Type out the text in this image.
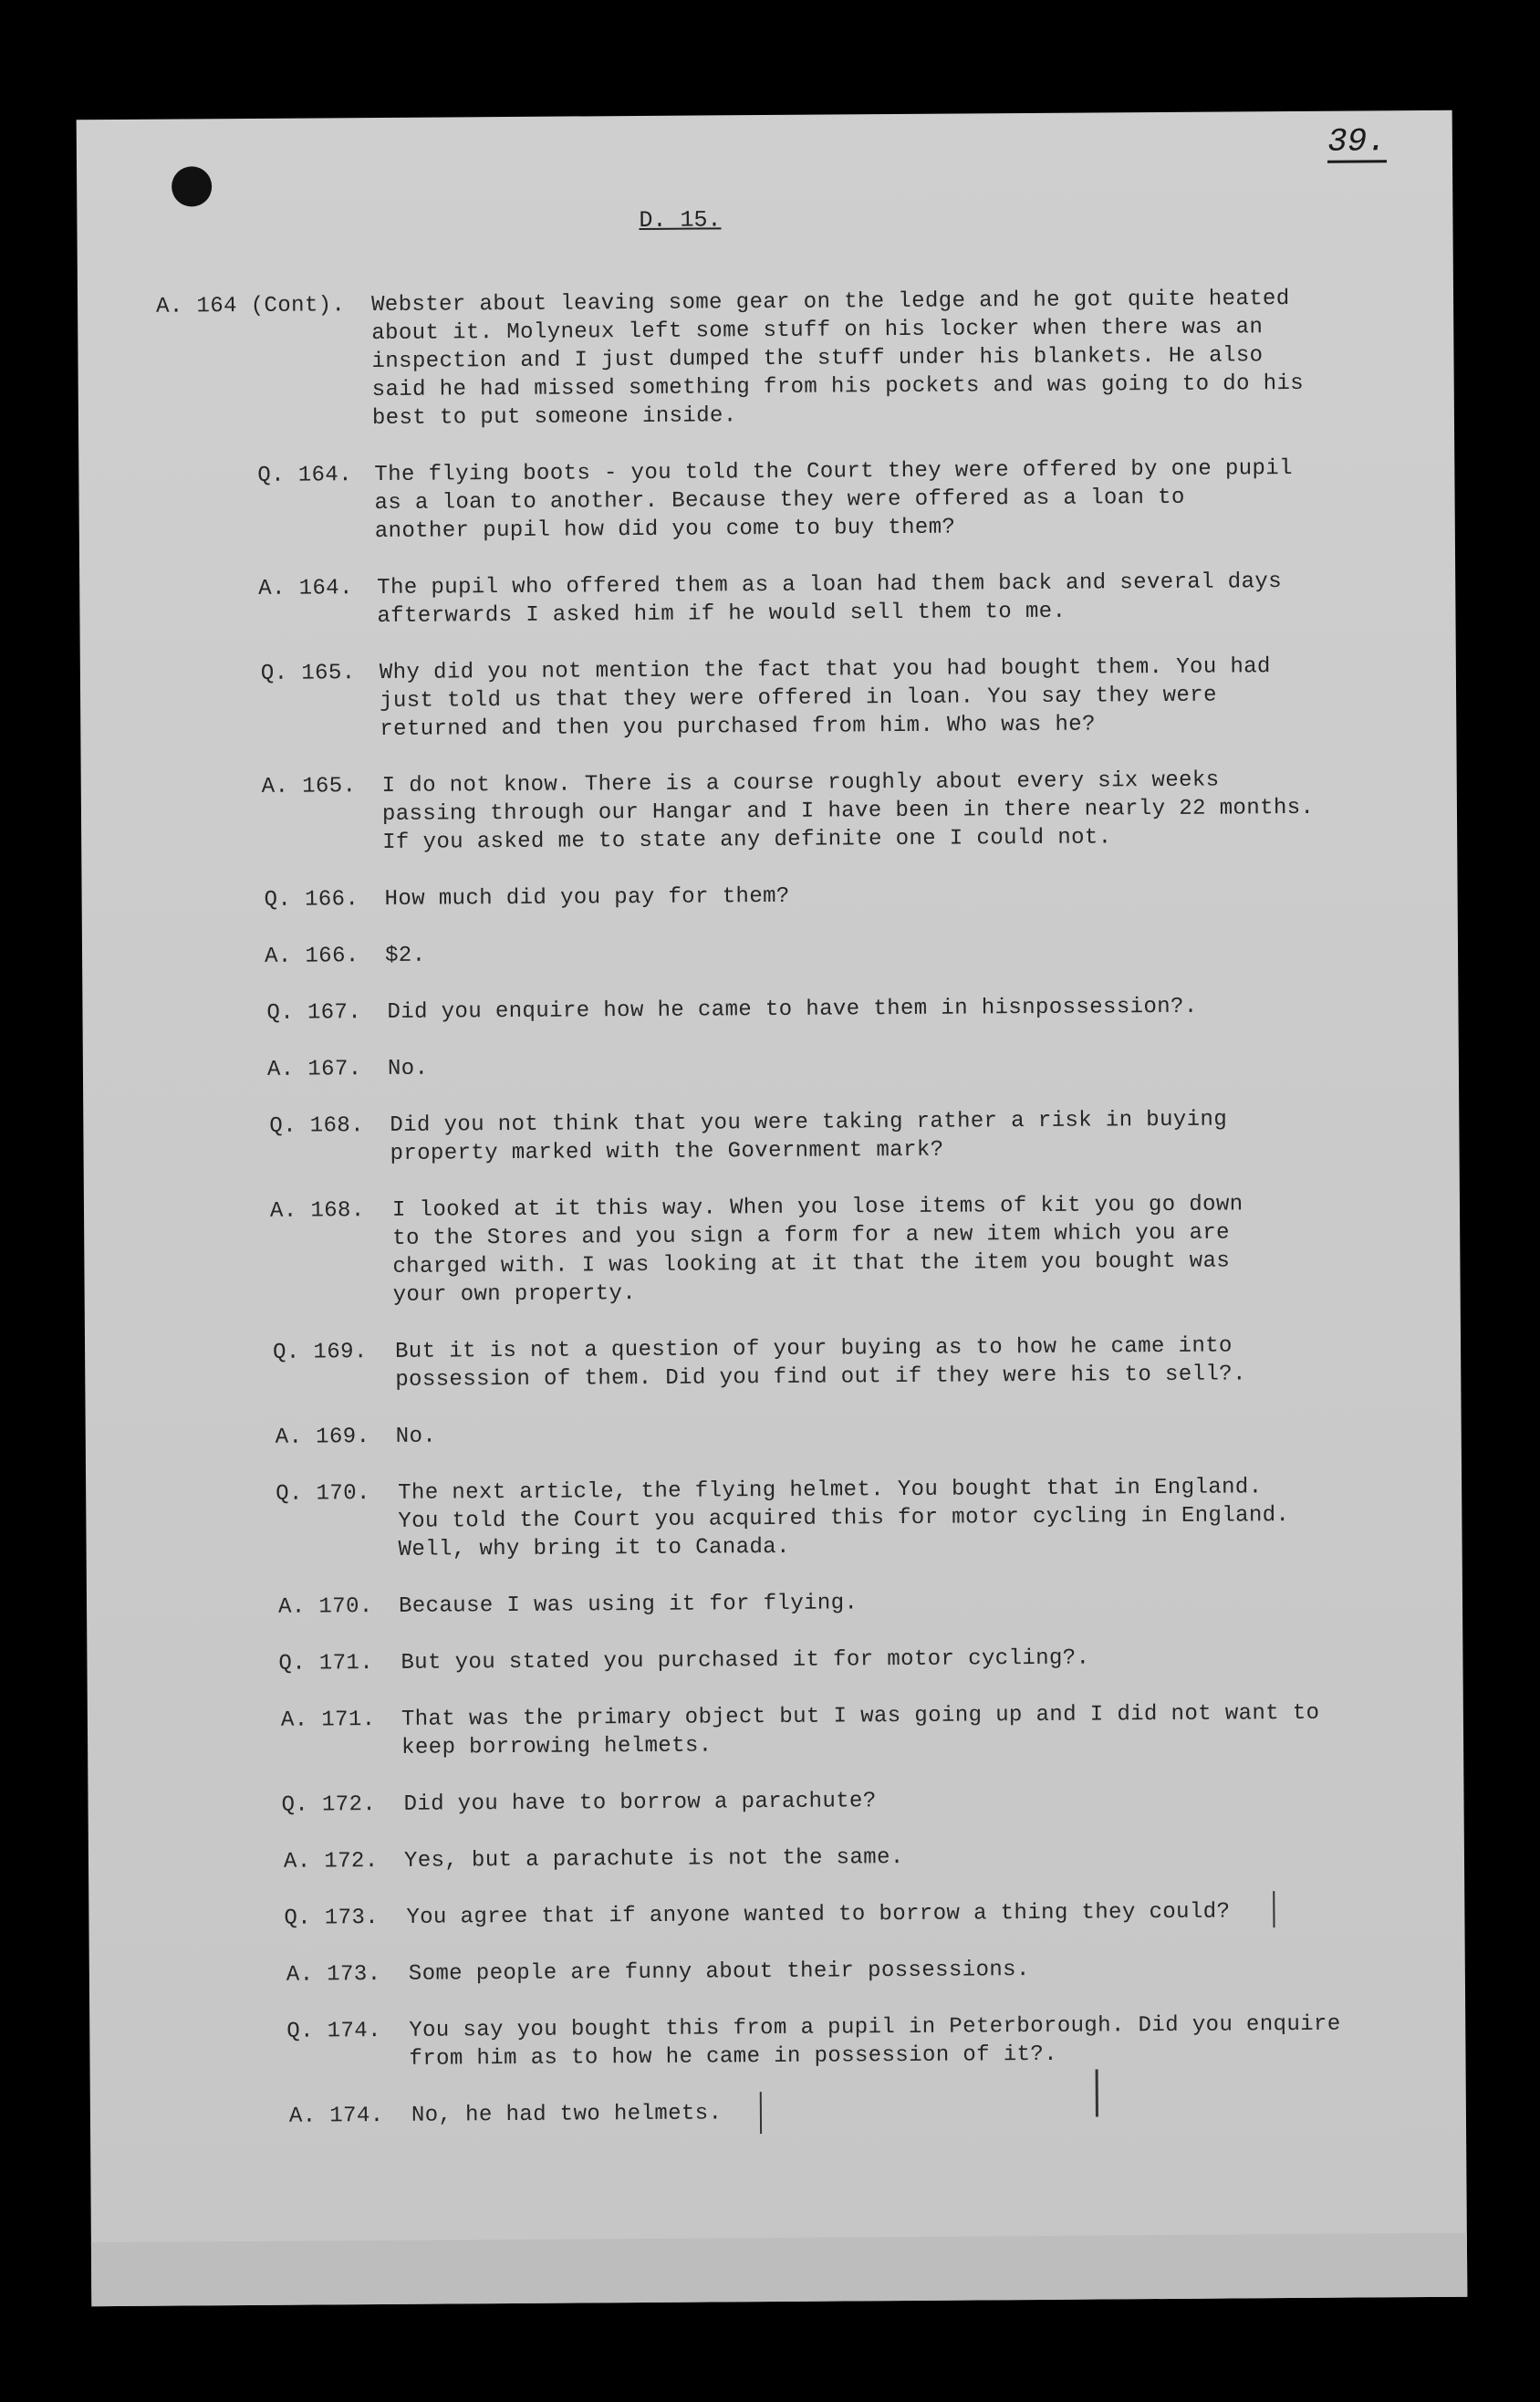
39.
D. 15.
A. 164 (Cont). Webster about leaving some gear on the ledge and he got quite heated
about it. Molyneux left some stuff on his locker when there was an
inspection and I just dumped the stuff under his blankets. He also
said he had missed something from his pockets and was going to do his
best to put someone inside.
Q. 164. The flying boots - you told the Court they were offered by one pupil
as a loan to another. Because they were offered as a loan to
another pupil how did you come to buy them?
A. 164. The pupil who offered them as a loan had them back and several days
afterwards I asked him if he would sell them to me.
Q. 165. Why did you not mention the fact that you had bought them. You had
just told us that they were offered in loan. You say they were
returned and then you purchased from him. Who was he?
A. 165. I do not know. There is a course roughly about every six weeks
passing through our Hangar and I have been in there nearly 22 months.
If you asked me to state any definite one I could not.
Q. 166. How much did you pay for them?
A. 166. $2.
Q. 167. Did you enquire how he came to have them in hisnpossession?.
A. 167. No.
Q. 168. Did you not think that you were taking rather a risk in buying
property marked with the Government mark?
A. 168. I looked at it this way. When you lose items of kit you go down
to the Stores and you sign a form for a new item which you are
charged with. I was looking at it that the item you bought was
your own property.
Q. 169. But it is not a question of your buying as to how he came into
possession of them. Did you find out if they were his to sell?.
A. 169. No.
Q. 170. The next article, the flying helmet. You bought that in England.
You told the Court you acquired this for motor cycling in England.
Well, why bring it to Canada.
A. 170. Because I was using it for flying.
Q. 171. But you stated you purchased it for motor cycling?.
A. 171. That was the primary object but I was going up and I did not want to
keep borrowing helmets.
Q. 172. Did you have to borrow a parachute?
A. 172. Yes, but a parachute is not the same.
Q. 173. You agree that if anyone wanted to borrow a thing they could?
A. 173. Some people are funny about their possessions.
Q. 174. You say you bought this from a pupil in Peterborough. Did you enquire
from him as to how he came in possession of it?.
A. 174. No, he had two helmets.
